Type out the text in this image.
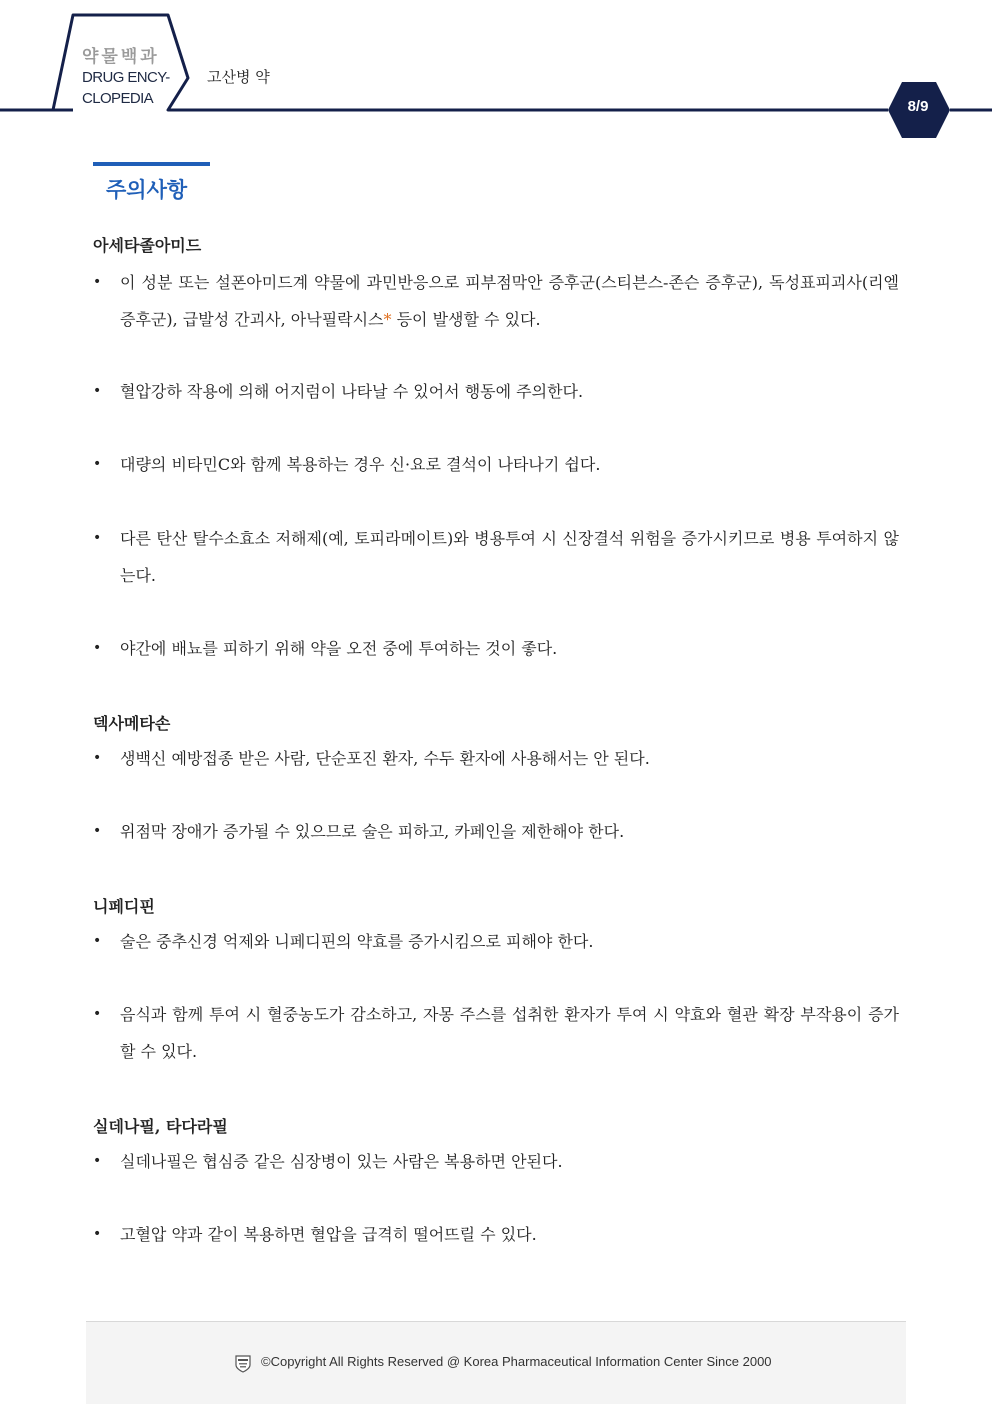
약물백과
DRUG ENCY-
CLOPEDIA
고산병 약
8/9
주의사항
아세타졸아미드
• 이 성분 또는 설폰아미드계 약물에 과민반응으로 피부점막안 증후군(스티븐스-존슨 증후군), 독성표피괴사(리엘 증후군), 급발성 간괴사, 아낙필락시스* 등이 발생할 수 있다.
• 혈압강하 작용에 의해 어지럼이 나타날 수 있어서 행동에 주의한다.
• 대량의 비타민C와 함께 복용하는 경우 신·요로 결석이 나타나기 쉽다.
• 다른 탄산 탈수소효소 저해제(예, 토피라메이트)와 병용투여 시 신장결석 위험을 증가시키므로 병용 투여하지 않는다.
• 야간에 배뇨를 피하기 위해 약을 오전 중에 투여하는 것이 좋다.
덱사메타손
• 생백신 예방접종 받은 사람, 단순포진 환자, 수두 환자에 사용해서는 안 된다.
• 위점막 장애가 증가될 수 있으므로 술은 피하고, 카페인을 제한해야 한다.
니페디핀
• 술은 중추신경 억제와 니페디핀의 약효를 증가시킴으로 피해야 한다.
• 음식과 함께 투여 시 혈중농도가 감소하고, 자몽 주스를 섭취한 환자가 투여 시 약효와 혈관 확장 부작용이 증가할 수 있다.
실데나필, 타다라필
• 실데나필은 협심증 같은 심장병이 있는 사람은 복용하면 안된다.
• 고혈압 약과 같이 복용하면 혈압을 급격히 떨어뜨릴 수 있다.
©Copyright All Rights Reserved @ Korea Pharmaceutical Information Center Since 2000
